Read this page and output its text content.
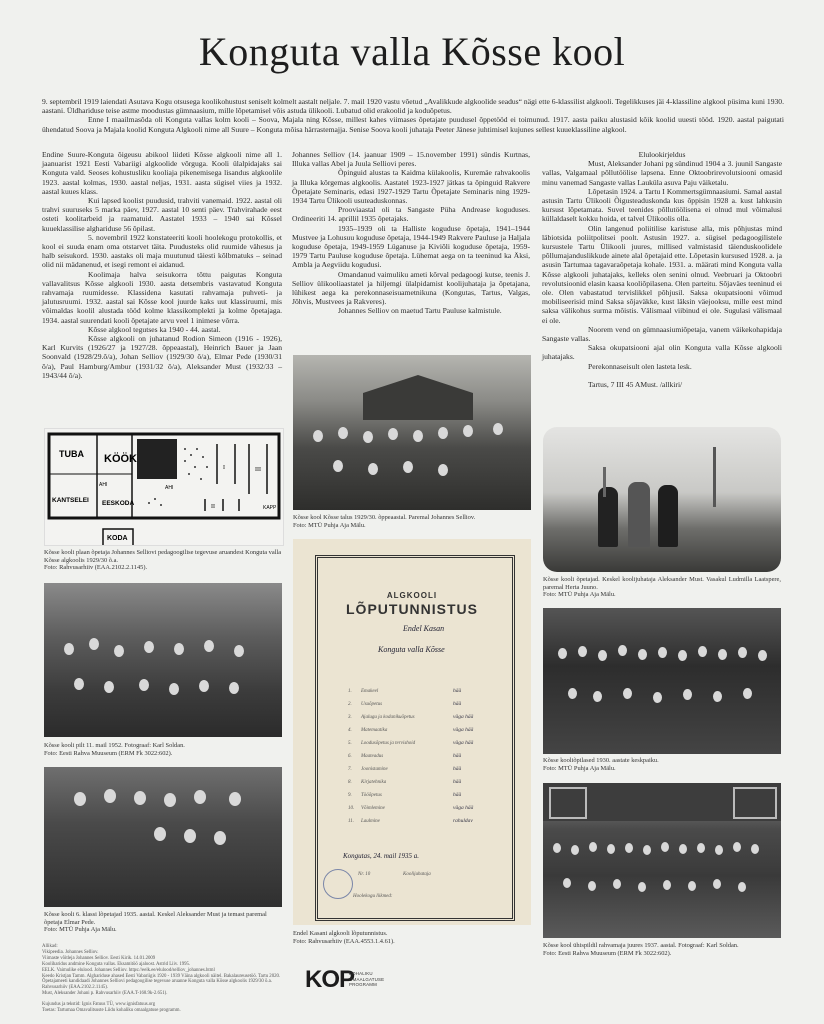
Konguta valla Kõsse kool

9. septembril 1919 laiendati Asutava Kogu otsusega koolikohustust seniselt kolmelt aastalt neljale. 7. mail 1920 vastu võetud „Avalikkude algkoolide seadus“ nägi ette 6-klassilist algkooli. Tegelikkuses jäi 4-klassiline algkool püsima kuni 1930. aastani. Üldhariduse teise astme moodustas gümnaasium, mille lõpetamisel võis astuda ülikooli. Lubatud olid erakoolid ja koduõpetus.

Enne I maailmasõda oli Konguta vallas kolm kooli – Soova, Majala ning Kõsse, millest kahes viimases õpetajate puudusel õppetööd ei toimunud. 1917. aasta paiku alustasid kõik koolid uuesti tööd. 1920. aastal paigutati ühendatud Soova ja Majala koolid Konguta Algkooli nime all Suure – Konguta mõisa härrastemajja. Senise Soova kooli juhataja Peeter Jänese juhtimisel kujunes sellest kuueklassiline algkool.

Endine Suure-Konguta õigeusu abikool liideti Kõsse algkooli nime all 1. jaanuarist 1921 Eesti Vabariigi algkoolide võrguga. Kooli ülalpidajaks sai Konguta vald. Seoses kohustusliku kooliaja pikenemisega lisandus algkoolile 1923. aastal kolmas, 1930. aastal neljas, 1931. aasta sügisel viies ja 1932. aastal kuues klass.

Kui lapsed koolist puudusid, trahviti vanemaid. 1922. aastal oli trahvi suuruseks 5 marka päev, 1927. aastal 10 senti päev. Trahvirahade eest osteti koolitarbeid ja raamatuid. Aastatel 1933 – 1940 sai Kõssel kuueklassilise alghariduse 56 õpilast.

5. novembril 1922 konstateeriti kooli hoolekogu protokollis, et kool ei suuda enam oma otstarvet täita. Puudusteks olid ruumide vähesus ja halb seisukord. 1930. aastaks oli maja muutunud täiesti kõlbmatuks – seinad olid nii mädanenud, et isegi remont ei aidanud.

Koolimaja halva seisukorra tõttu paigutas Konguta vallavalitsus Kõsse algkooli 1930. aasta detsembris vastavatud Konguta rahvamaja ruumidesse. Klassidena kasutati rahvamaja puhveti- ja jalutusruumi. 1932. aastal sai Kõsse kool juurde kaks uut klassiruumi, mis võimaldas koolil alustada tööd kolme klassikomplekti ja kolme õpetajaga. 1934. aastal suurendati kooli õpetajate arvu veel 1 inimese võrra.

Kõsse algkool tegutses ka 1940 - 44. aastal.

Kõsse algkooli on juhatanud Rodion Simeon (1916 - 1926), Karl Kurvits (1926/27 ja 1927/28. õppeaastal), Heinrich Bauer ja Jaan Soonvald (1928/29.õ/a), Johan Selliov (1929/30 õ/a), Elmar Pede (1930/31 õ/a), Paul Hamburg/Ambur (1931/32 õ/a), Aleksander Must (1932/33 – 1943/44 õ/a).

Johannes Selliov (14. jaanuar 1909 – 15.november 1991) sündis Kurtnas, Illuka vallas Abel ja Juula Selliovi peres.

Õpinguid alustas ta Kaidma külakoolis, Kuremäe rahvakoolis ja Illuka kõrgemas algkoolis. Aastatel 1923-1927 jätkas ta õpinguid Rakvere Õpetajate Seminaris, edasi 1927-1929 Tartu Õpetajate Seminaris ning 1929-1934 Tartu Ülikooli usuteaduskonnas.

Prooviaastal oli ta Sangaste Püha Andrease koguduses. Ordineeriti 14. aprillil 1935 õpetajaks.

1935–1939 oli ta Halliste koguduse õpetaja, 1941–1944 Mustvee ja Lohusuu koguduse õpetaja, 1944-1949 Rakvere Pauluse ja Haljala koguduse õpetaja, 1949-1959 Lüganuse ja Kiviõli koguduse õpetaja, 1959-1979 Tartu Pauluse koguduse õpetaja. Lühemat aega on ta teeninud ka Äksi, Ambla ja Aegviidu kogudusi.

Omandanud vaimuliku ameti kõrval pedagoogi kutse, teenis J. Selliov ülikooliaastatel ja hiljemgi ülalpidamist koolijuhataja ja õpetajana, lühikest aega ka perekonnaseisuametnikuna (Kongutas, Tartus, Valgas, Jõhvis, Mustvees ja Rakveres).

Johannes Selliov on maetud Tartu Pauluse kalmistule.

Elulookirjeldus

Must, Aleksander Johani pg sündinud 1904 a 3. juunil Sangaste vallas, Valgamaal põllutöölise lapsena. Enne Oktoobrirevolutsiooni omasid minu vanemad Sangaste vallas Lauküla asuva Paju väiketalu.

Lõpetasin 1924. a Tartu I Kommertsgümnaasiumi. Samal aastal astusin Tartu Ülikooli Õigusteaduskonda kus õppisin 1928 a. kust lahkusin kursust lõpetamata. Suvel teenides põllutöölisena ei olnud mul võimalusi küllaldaselt kokku hoida, et talvel Ülikoolis olla.

Olin langenud poliitilise karistuse alla, mis põhjustas mind läbiotsida poliitpolitsei poolt. Astusin 1927. a. sügisel pedagoogilistele kursustele Tartu Ülikooli juures, millised valmistasid täienduskoolidele põllumajanduslikkude ainete alal õpetajaid ette. Lõpetasin kursused 1928. a. ja asusin Tartumaa tagavaraõpetaja kohale. 1931. a. määrati mind Konguta valla Kõsse algkooli juhatajaks, kelleks olen senini olnud. Veebruari ja Oktoobri revolutsioonid elasin kaasa kooliõpilasena. Olen parteitu. Sõjaväes teeninud ei ole. Olen vabastatud tervislikkel põhjusil. Saksa okupatsiooni võimud mobiliseerisid mind Saksa sõjaväkke, kust läksin väejooksu, mille eest mind saksa välikohus surma mõistis. Välismaal viibinud ei ole. Sugulasi välismaal ei ole.

Noorem vend on gümnaasiumiõpetaja, vanem väikekohapidaja Sangaste vallas.

Saksa okupatsiooni ajal olin Konguta valla Kõsse algkooli juhatajaks.

Perekonnaseisult olen lasteta lesk.

Tartus, 7 III 45 AMust. /allkiri/

TUBA KÖÖK
KANTSELEI EESKODA
KODA
AHI	AHI
KAPP
I
II
III

Kõsse kooli plaan õpetaja Johannes Selliovi pedagoogilise tegevuse aruandest Konguta valla Kõsse algkoolis 1929/30 õ.a.

Foto: Rahvusarhiiv (EAA.2102.2.1145).

Kõsse kooli pilt 11. mail 1952. Fotograaf: Karl Soldan.

Foto: Eesti Rahva Muuseum (ERM Fk 3022:602).

Kõsse kooli 6. klassi lõpetajad 1935. aastal. Keskel Aleksander Must ja temast paremal õpetaja Elmar Pede.

Foto: MTÜ Puhja Aja Mälu.

Allikad:

Vikipeedia. Johannes Selliov.

Viimaste võitleja Johannes Selliov. Eesti Kirik. 14.01.2009

Kooliharidus andmine Konguta vallas. Eksamitöö ajaloost. Astrid Liiv. 1995.

EELK. Vaimulike elulood. Johannes Selliov. https://eelk.ee/elulood/selliov_johannes.html

Keedo Kristjan Tamm. Alghariduse ahased Eesti Vabariigis 1920 - 1939 Väina algkooli näitel. Bakalaureusetöö. Tartu 2020.

Õpetajameeti kandidaadi Johannes Selliovi pedagoogilise tegevuse aruanne Konguta valla Kõsse algkoolis 1929/30 õ.a. Rahvusarhiiv (EAA.2102.2.1145).

Must, Aleksander Johani p. Rahvusarhiiv (EAA.T-168.9k-2.651).

Kujundus ja tekstid: Ignis Fatuus TÜ, www.ignisfatuus.org

Toetas: Tartumaa Omavalitsuste Liidu kohaliku omaalgatuse programm.

Kõsse kool Kõsse talus 1929/30. õppeaastal. Paremal Johannes Selliov.

Foto: MTÜ Puhja Aja Mälu.

ALGKOOLI
LÕPUTUNNISTUS
Endel Kasan
Konguta valla Kõsse
1. Emakeel	hää
2. Usuõpetus	hää
3. Ajalugu ja kodanikuõpetus	väga hää
4. Matemaatika	väga hää
5. Loodusõpetus ja tervishoid	väga hää
6. Maateadus	hää
7. Joonistamine	hää
8. Kirjatehnika	hää
9. Tööõpetus	hää
10. Võimlemine	väga hää
11. Laulmine	rahuldav
Kongutas, 24. mail 1935 a.
Nr. 10	Koolijuhataja
Hoolekogu liikmed:

Endel Kasani algkooli lõputunnistus.

Foto: Rahvusarhiiv (EAA.4553.1.4.61).

KOP
KOHALIKU
OMAALGATUSE
PROGRAMM

Kõsse kooli õpetajad. Keskel koolijuhataja Aleksander Must. Vasakul Ludmilla Laatspere, paremal Herta Juuno.

Foto: MTÜ Puhja Aja Mälu.

Kõsse kooliõpilased 1930. aastate keskpaiku.

Foto: MTÜ Puhja Aja Mälu.

Kõsse kool ühispildil rahvamaja juures 1937. aastal. Fotograaf: Karl Soldan.

Foto: Eesti Rahva Muuseum (ERM Fk 3022:602).
